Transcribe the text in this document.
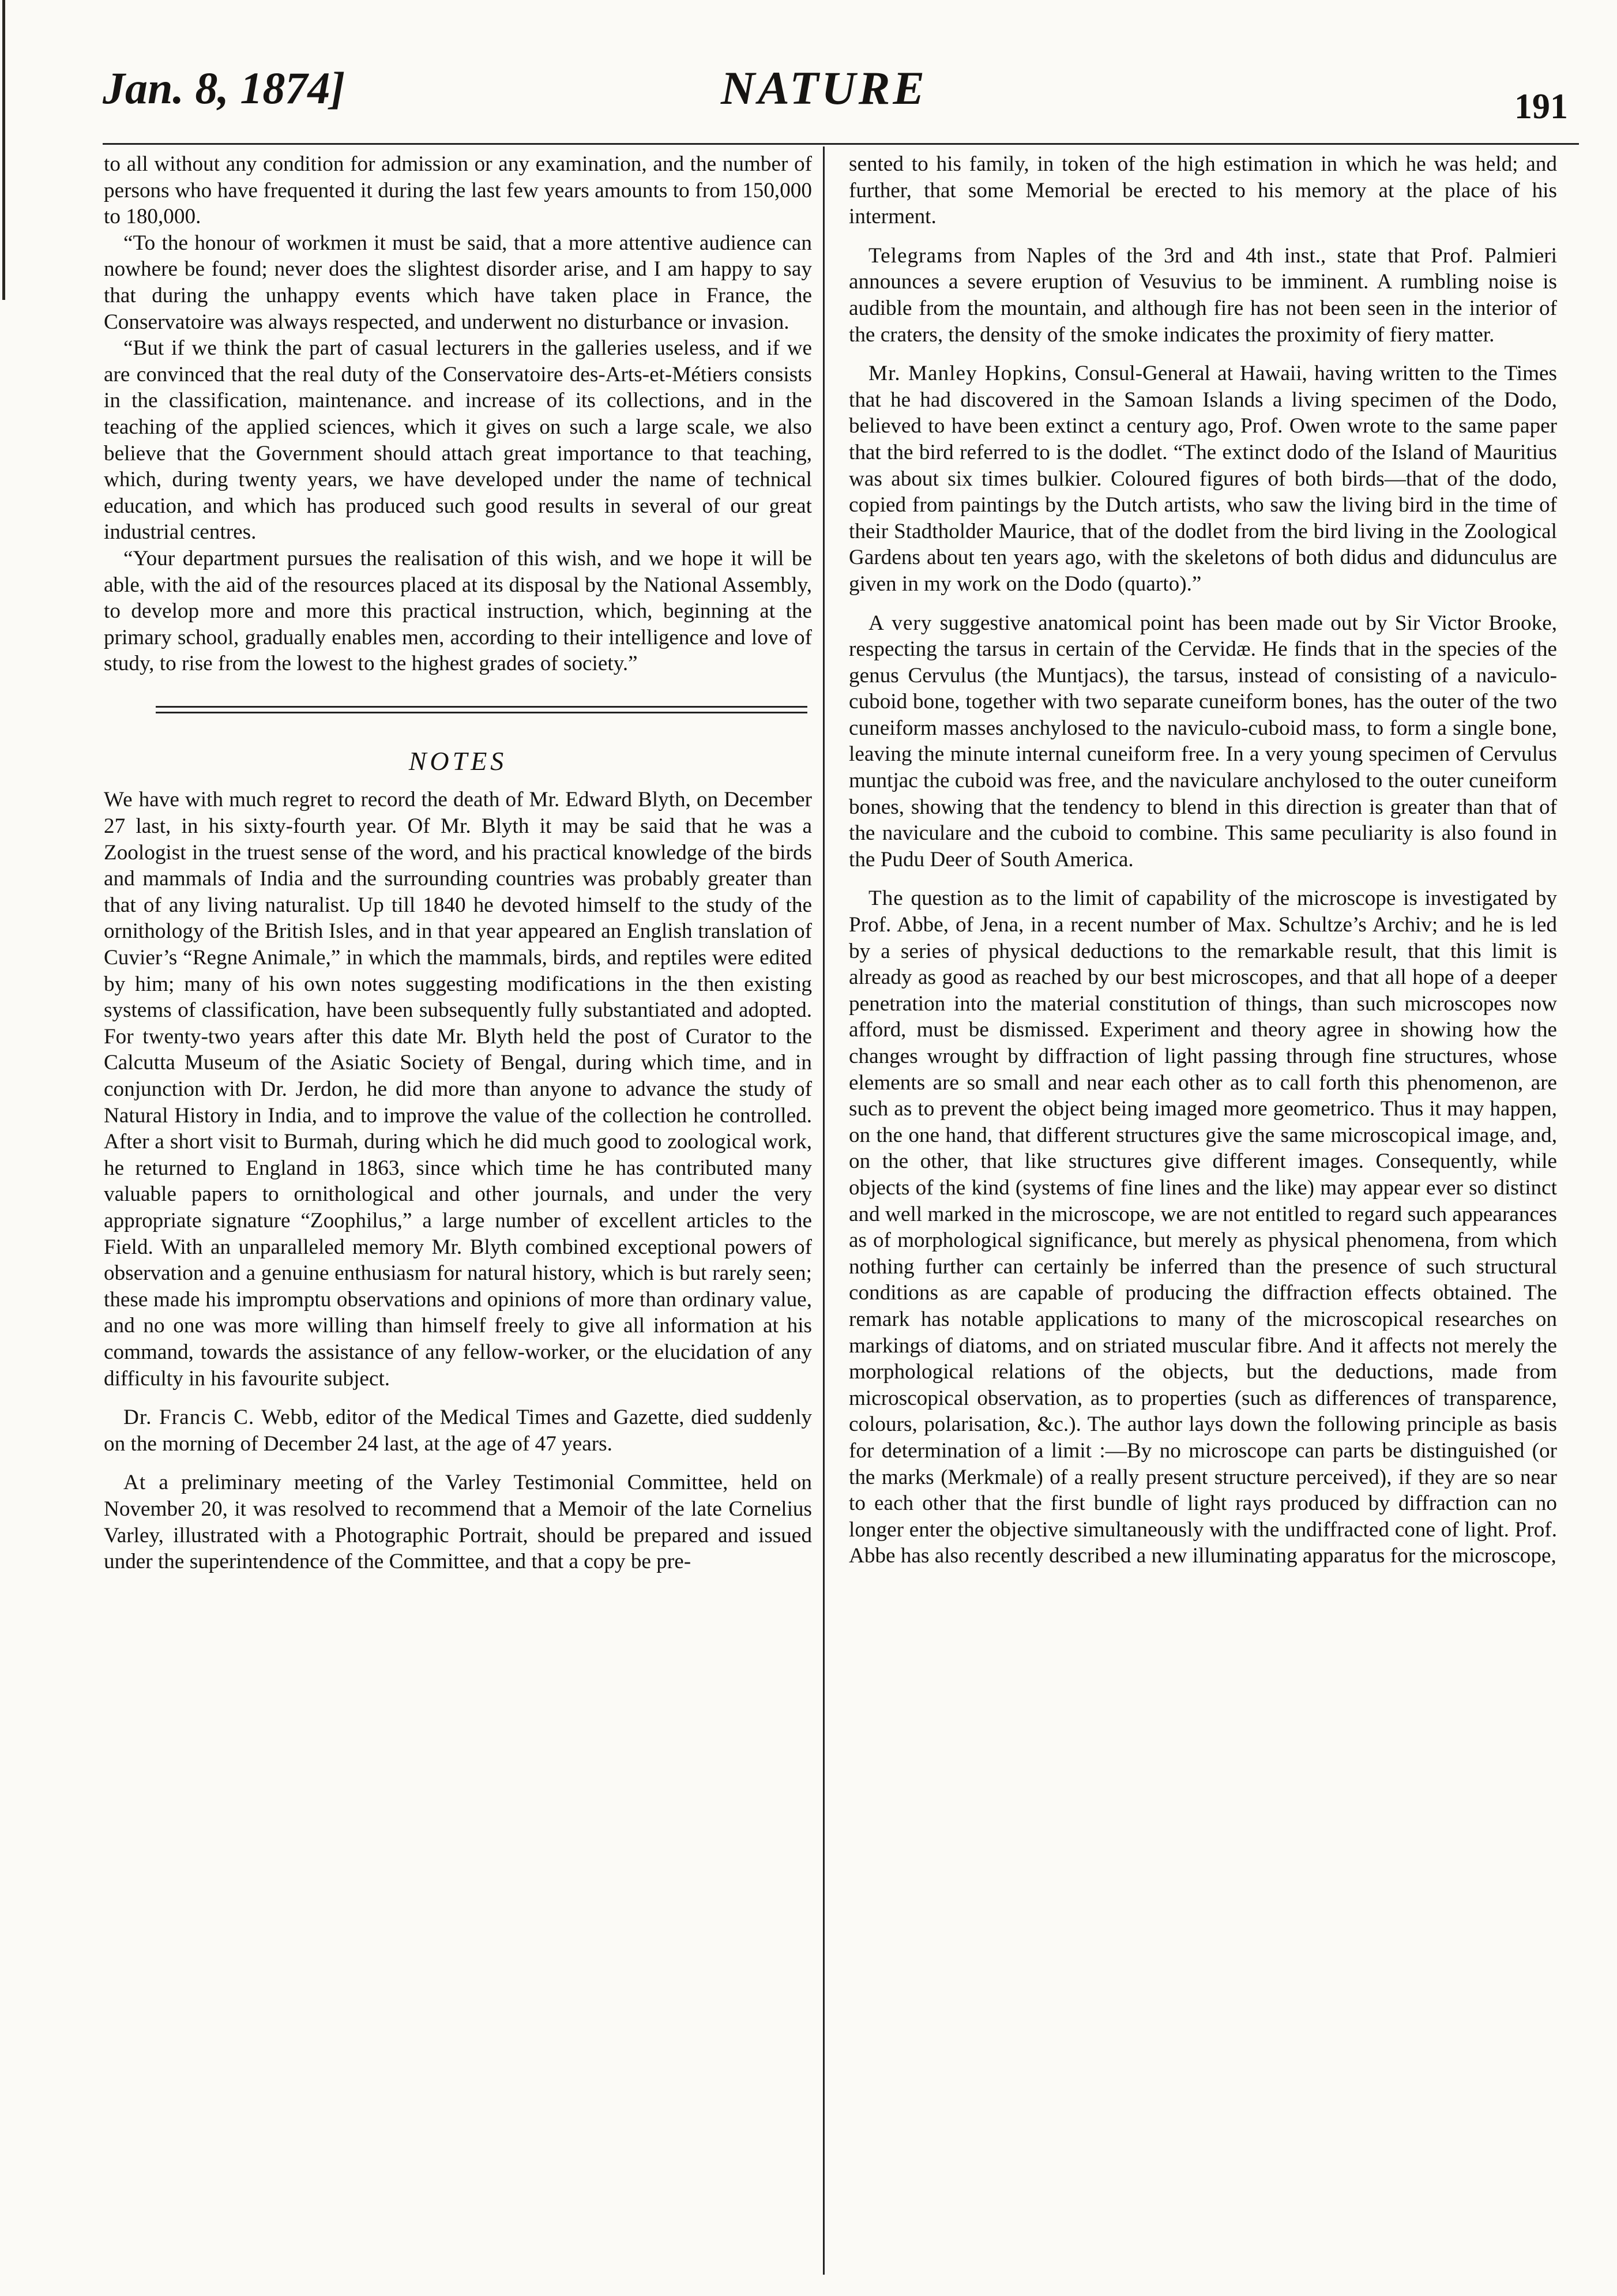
Jan. 8, 1874]	NATURE	191

to all without any condition for admission or any examination, and the number of persons who have frequented it during the last few years amounts to from 150,000 to 180,000.

“To the honour of workmen it must be said, that a more attentive audience can nowhere be found; never does the slightest disorder arise, and I am happy to say that during the unhappy events which have taken place in France, the Conservatoire was always respected, and underwent no disturbance or invasion.

“But if we think the part of casual lecturers in the galleries useless, and if we are convinced that the real duty of the Conservatoire des-Arts-et-Métiers consists in the classification, maintenance. and increase of its collections, and in the teaching of the applied sciences, which it gives on such a large scale, we also believe that the Government should attach great importance to that teaching, which, during twenty years, we have developed under the name of technical education, and which has produced such good results in several of our great industrial centres.

“Your department pursues the realisation of this wish, and we hope it will be able, with the aid of the resources placed at its disposal by the National Assembly, to develop more and more this practical instruction, which, beginning at the primary school, gradually enables men, according to their intelligence and love of study, to rise from the lowest to the highest grades of society.”

NOTES
We have with much regret to record the death of Mr. Edward Blyth, on December 27 last, in his sixty-fourth year. Of Mr. Blyth it may be said that he was a Zoologist in the truest sense of the word, and his practical knowledge of the birds and mammals of India and the surrounding countries was probably greater than that of any living naturalist. Up till 1840 he devoted himself to the study of the ornithology of the British Isles, and in that year appeared an English translation of Cuvier’s “Regne Animale,” in which the mammals, birds, and reptiles were edited by him; many of his own notes suggesting modifications in the then existing systems of classification, have been subsequently fully substantiated and adopted. For twenty-two years after this date Mr. Blyth held the post of Curator to the Calcutta Museum of the Asiatic Society of Bengal, during which time, and in conjunction with Dr. Jerdon, he did more than anyone to advance the study of Natural History in India, and to improve the value of the collection he controlled. After a short visit to Burmah, during which he did much good to zoological work, he returned to England in 1863, since which time he has contributed many valuable papers to ornithological and other journals, and under the very appropriate signature “Zoophilus,” a large number of excellent articles to the Field. With an unparalleled memory Mr. Blyth combined exceptional powers of observation and a genuine enthusiasm for natural history, which is but rarely seen; these made his impromptu observations and opinions of more than ordinary value, and no one was more willing than himself freely to give all information at his command, towards the assistance of any fellow-worker, or the elucidation of any difficulty in his favourite subject.
Dr. Francis C. Webb, editor of the Medical Times and Gazette, died suddenly on the morning of December 24 last, at the age of 47 years.
At a preliminary meeting of the Varley Testimonial Committee, held on November 20, it was resolved to recommend that a Memoir of the late Cornelius Varley, illustrated with a Photographic Portrait, should be prepared and issued under the superintendence of the Committee, and that a copy be pre-
sented to his family, in token of the high estimation in which he was held; and further, that some Memorial be erected to his memory at the place of his interment.
Telegrams from Naples of the 3rd and 4th inst., state that Prof. Palmieri announces a severe eruption of Vesuvius to be imminent. A rumbling noise is audible from the mountain, and although fire has not been seen in the interior of the craters, the density of the smoke indicates the proximity of fiery matter.
Mr. Manley Hopkins, Consul-General at Hawaii, having written to the Times that he had discovered in the Samoan Islands a living specimen of the Dodo, believed to have been extinct a century ago, Prof. Owen wrote to the same paper that the bird referred to is the dodlet. “The extinct dodo of the Island of Mauritius was about six times bulkier. Coloured figures of both birds—that of the dodo, copied from paintings by the Dutch artists, who saw the living bird in the time of their Stadtholder Maurice, that of the dodlet from the bird living in the Zoological Gardens about ten years ago, with the skeletons of both didus and didunculus are given in my work on the Dodo (quarto).”
A very suggestive anatomical point has been made out by Sir Victor Brooke, respecting the tarsus in certain of the Cervidæ. He finds that in the species of the genus Cervulus (the Muntjacs), the tarsus, instead of consisting of a naviculo-cuboid bone, together with two separate cuneiform bones, has the outer of the two cuneiform masses anchylosed to the naviculo-cuboid mass, to form a single bone, leaving the minute internal cuneiform free. In a very young specimen of Cervulus muntjac the cuboid was free, and the naviculare anchylosed to the outer cuneiform bones, showing that the tendency to blend in this direction is greater than that of the naviculare and the cuboid to combine. This same peculiarity is also found in the Pudu Deer of South America.
The question as to the limit of capability of the microscope is investigated by Prof. Abbe, of Jena, in a recent number of Max. Schultze’s Archiv; and he is led by a series of physical deductions to the remarkable result, that this limit is already as good as reached by our best microscopes, and that all hope of a deeper penetration into the material constitution of things, than such microscopes now afford, must be dismissed. Experiment and theory agree in showing how the changes wrought by diffraction of light passing through fine structures, whose elements are so small and near each other as to call forth this phenomenon, are such as to prevent the object being imaged more geometrico. Thus it may happen, on the one hand, that different structures give the same microscopical image, and, on the other, that like structures give different images. Consequently, while objects of the kind (systems of fine lines and the like) may appear ever so distinct and well marked in the microscope, we are not entitled to regard such appearances as of morphological significance, but merely as physical phenomena, from which nothing further can certainly be inferred than the presence of such structural conditions as are capable of producing the diffraction effects obtained. The remark has notable applications to many of the microscopical researches on markings of diatoms, and on striated muscular fibre. And it affects not merely the morphological relations of the objects, but the deductions, made from microscopical observation, as to properties (such as differences of transparence, colours, polarisation, &c.). The author lays down the following principle as basis for determination of a limit :—By no microscope can parts be distinguished (or the marks (Merkmale) of a really present structure perceived), if they are so near to each other that the first bundle of light rays produced by diffraction can no longer enter the objective simultaneously with the undiffracted cone of light. Prof. Abbe has also recently described a new illuminating apparatus for the microscope,
